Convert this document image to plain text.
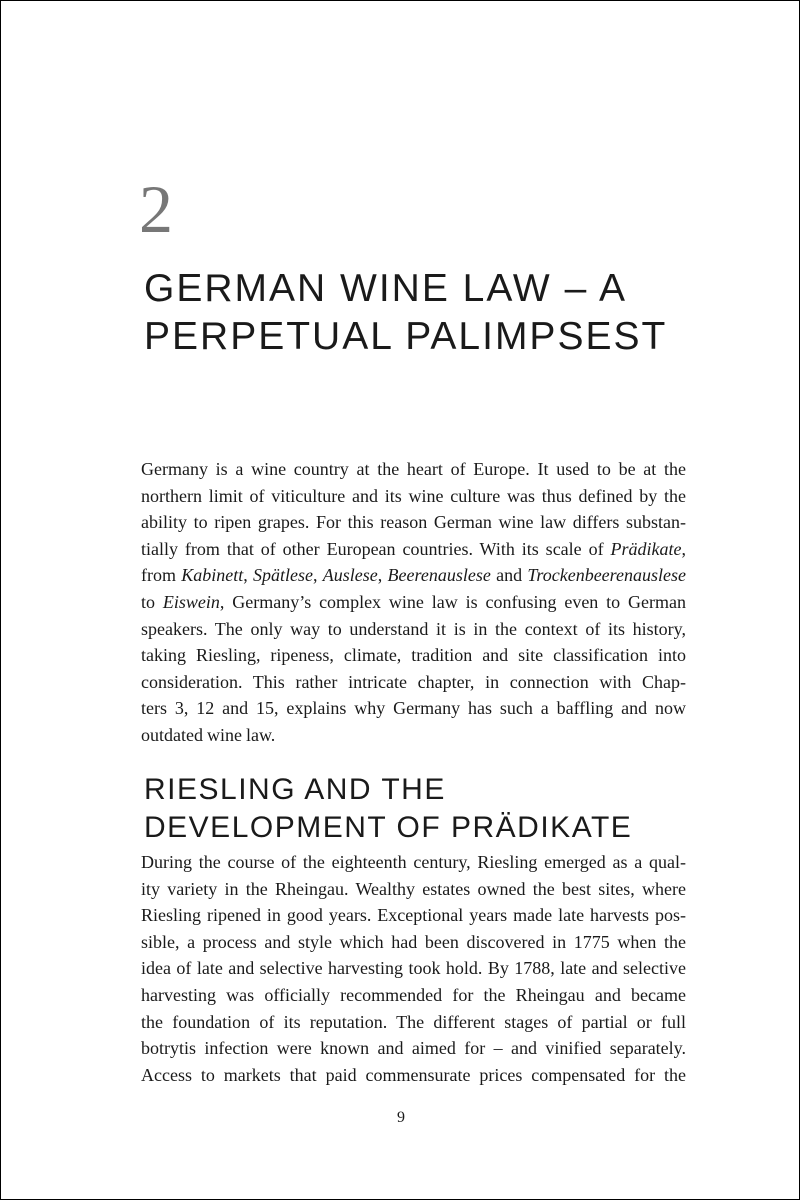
2
GERMAN WINE LAW – A
PERPETUAL PALIMPSEST

Germany is a wine country at the heart of Europe. It used to be at the
northern limit of viticulture and its wine culture was thus defined by the
ability to ripen grapes. For this reason German wine law differs substan-
tially from that of other European countries. With its scale of Prädikate,
from Kabinett, Spätlese, Auslese, Beerenauslese and Trockenbeerenauslese
to Eiswein, Germany’s complex wine law is confusing even to German
speakers. The only way to understand it is in the context of its history,
taking Riesling, ripeness, climate, tradition and site classification into
consideration. This rather intricate chapter, in connection with Chap-
ters 3, 12 and 15, explains why Germany has such a baffling and now
outdated wine law.

RIESLING AND THE
DEVELOPMENT OF PRÄDIKATE

During the course of the eighteenth century, Riesling emerged as a qual-
ity variety in the Rheingau. Wealthy estates owned the best sites, where
Riesling ripened in good years. Exceptional years made late harvests pos-
sible, a process and style which had been discovered in 1775 when the
idea of late and selective harvesting took hold. By 1788, late and selective
harvesting was officially recommended for the Rheingau and became
the foundation of its reputation. The different stages of partial or full
botrytis infection were known and aimed for – and vinified separately.
Access to markets that paid commensurate prices compensated for the

9
